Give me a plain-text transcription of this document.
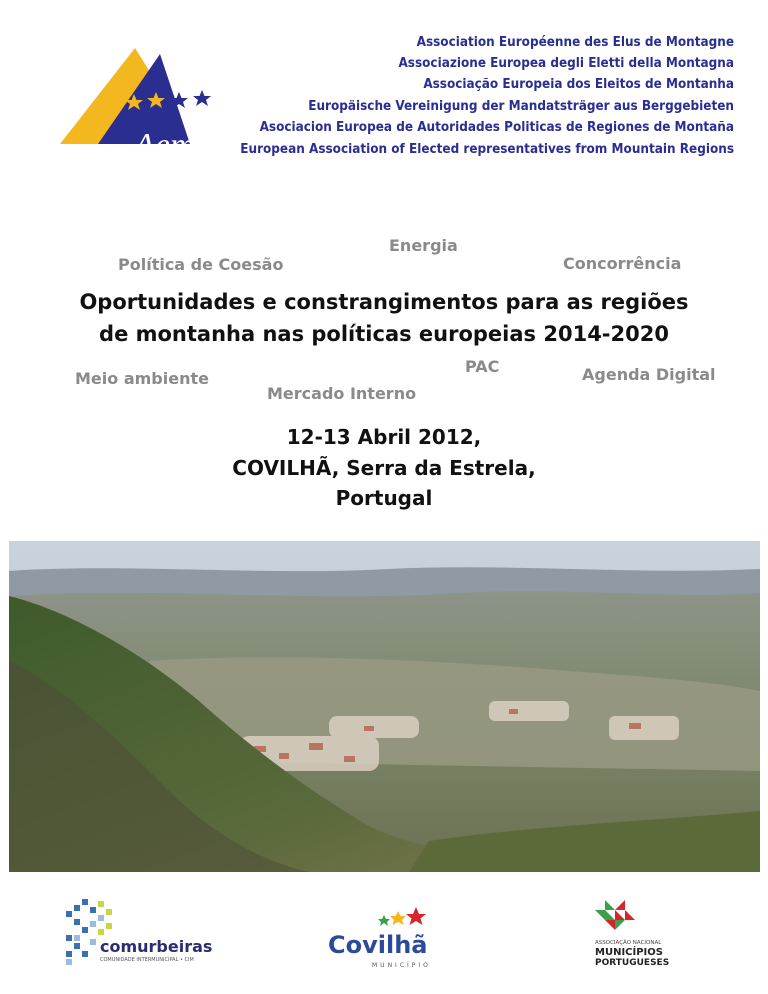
Aem
Association Européenne des Elus de Montagne
Associazione Europea degli Eletti della Montagna
Associação Europeia dos Eleitos de Montanha
Europäische Vereinigung der Mandatsträger aus Berggebieten
Asociacion Europea de Autoridades Politicas de Regiones de Montaña
European Association of Elected representatives from Mountain Regions
Energia
Política de Coesão	Concorrência
Meio ambiente
PAC	Agenda Digital
Mercado Interno
Oportunidades e constrangimentos para as regiões
de montanha nas políticas europeias 2014-2020
12-13 Abril 2012,
COVILHÃ, Serra da Estrela,
Portugal
comurbeiras
COMUNIDADE INTERMUNICIPAL • CIM
Covilhã
MUNICÍPIO
ASSOCIAÇÃO NACIONAL
MUNICÍPIOS
PORTUGUESES
